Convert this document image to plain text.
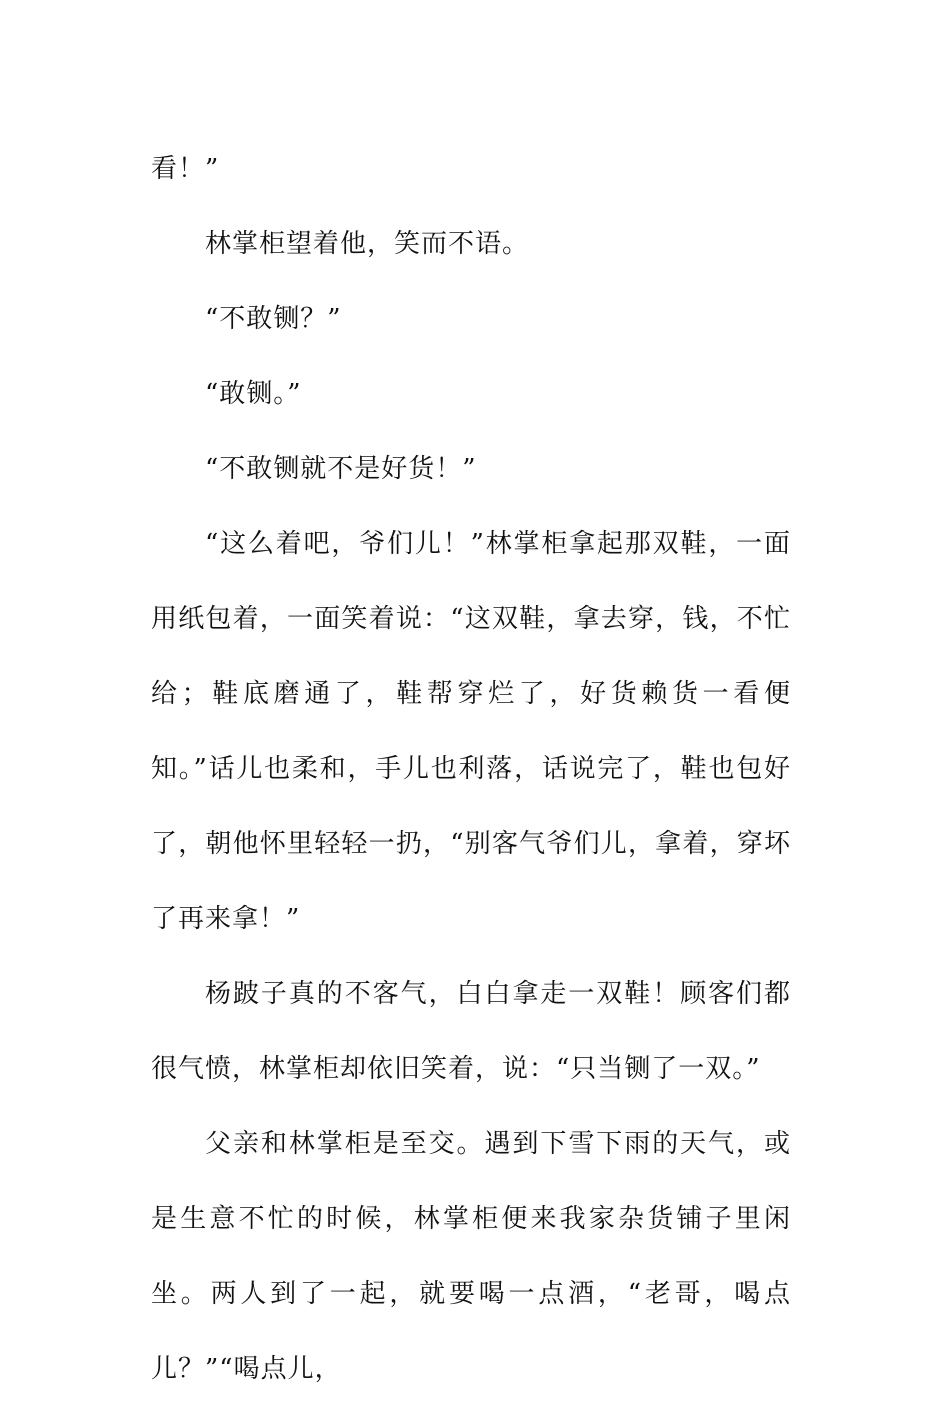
看！”

林掌柜望着他，笑而不语。

“不敢铡？”

“敢铡。”

“不敢铡就不是好货！”

“这么着吧，爷们儿！”林掌柜拿起那双鞋，一面用纸包着，一面笑着说：“这双鞋，拿去穿，钱，不忙给；鞋底磨通了，鞋帮穿烂了，好货赖货一看便知。”话儿也柔和，手儿也利落，话说完了，鞋也包好了，朝他怀里轻轻一扔，“别客气爷们儿，拿着，穿坏了再来拿！”

杨跛子真的不客气，白白拿走一双鞋！顾客们都很气愤，林掌柜却依旧笑着，说：“只当铡了一双。”

父亲和林掌柜是至交。遇到下雪下雨的天气，或是生意不忙的时候，林掌柜便来我家杂货铺子里闲坐。两人到了一起，就要喝一点酒，“老哥，喝点儿？”“喝点儿，
